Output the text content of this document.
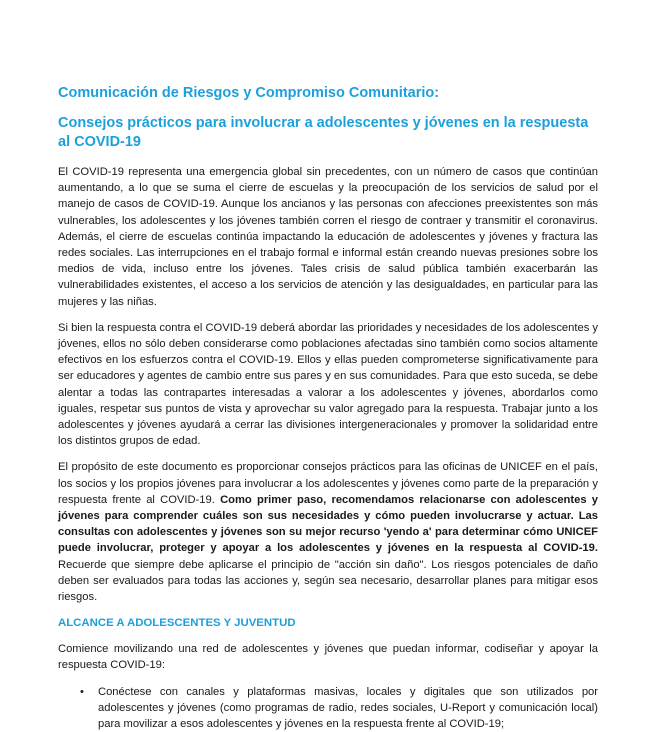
Comunicación de Riesgos y Compromiso Comunitario:
Consejos prácticos para involucrar a adolescentes y jóvenes en la respuesta al COVID-19

El COVID-19 representa una emergencia global sin precedentes, con un número de casos que continúan aumentando, a lo que se suma el cierre de escuelas y la preocupación de los servicios de salud por el manejo de casos de COVID-19. Aunque los ancianos y las personas con afecciones preexistentes son más vulnerables, los adolescentes y los jóvenes también corren el riesgo de contraer y transmitir el coronavirus. Además, el cierre de escuelas continúa impactando la educación de adolescentes y jóvenes y fractura las redes sociales. Las interrupciones en el trabajo formal e informal están creando nuevas presiones sobre los medios de vida, incluso entre los jóvenes. Tales crisis de salud pública también exacerbarán las vulnerabilidades existentes, el acceso a los servicios de atención y las desigualdades, en particular para las mujeres y las niñas.

Si bien la respuesta contra el COVID-19 deberá abordar las prioridades y necesidades de los adolescentes y jóvenes, ellos no sólo deben considerarse como poblaciones afectadas sino también como socios altamente efectivos en los esfuerzos contra el COVID-19. Ellos y ellas pueden comprometerse significativamente para ser educadores y agentes de cambio entre sus pares y en sus comunidades. Para que esto suceda, se debe alentar a todas las contrapartes interesadas a valorar a los adolescentes y jóvenes, abordarlos como iguales, respetar sus puntos de vista y aprovechar su valor agregado para la respuesta. Trabajar junto a los adolescentes y jóvenes ayudará a cerrar las divisiones intergeneracionales y promover la solidaridad entre los distintos grupos de edad.

El propósito de este documento es proporcionar consejos prácticos para las oficinas de UNICEF en el país, los socios y los propios jóvenes para involucrar a los adolescentes y jóvenes como parte de la preparación y respuesta frente al COVID-19. Como primer paso, recomendamos relacionarse con adolescentes y jóvenes para comprender cuáles son sus necesidades y cómo pueden involucrarse y actuar. Las consultas con adolescentes y jóvenes son su mejor recurso 'yendo a' para determinar cómo UNICEF puede involucrar, proteger y apoyar a los adolescentes y jóvenes en la respuesta al COVID-19. Recuerde que siempre debe aplicarse el principio de "acción sin daño". Los riesgos potenciales de daño deben ser evaluados para todas las acciones y, según sea necesario, desarrollar planes para mitigar esos riesgos.

ALCANCE A ADOLESCENTES Y JUVENTUD

Comience movilizando una red de adolescentes y jóvenes que puedan informar, codiseñar y apoyar la respuesta COVID-19:

• Conéctese con canales y plataformas masivas, locales y digitales que son utilizados por adolescentes y jóvenes (como programas de radio, redes sociales, U-Report y comunicación local) para movilizar a esos adolescentes y jóvenes en la respuesta frente al COVID-19;
